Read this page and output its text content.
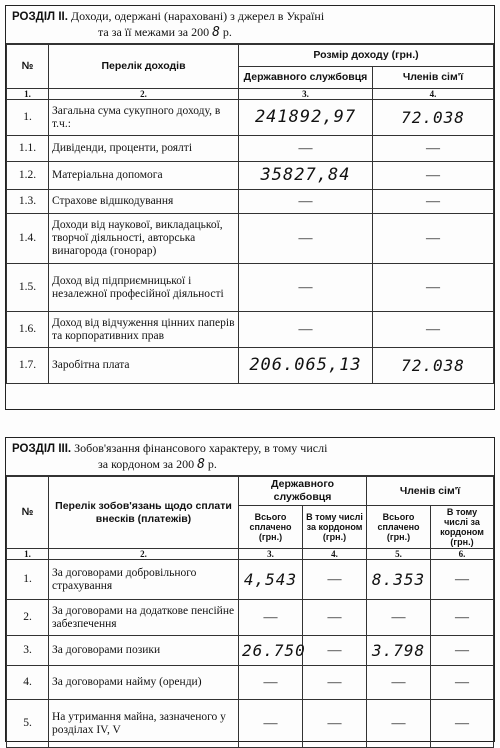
РОЗДІЛ ІІ. Доходи, одержані (нараховані) з джерел в Україні
та за її межами за 200 8 р.
№	Перелік доходів	Розмір доходу (грн.)	
		Державного службовця	Членів сім'ї
1.	2.	3.	4.
1.	Загальна сума сукупного доходу, в т.ч.:	241892,97	72.038
1.1.	Дивіденди, проценти, роялті	—	—
1.2.	Матеріальна допомога	35827,84	—
1.3.	Страхове відшкодування	—	—
1.4.	Доходи від наукової, викладацької, творчої діяльності, авторська винагорода (гонорар)	—	—
1.5.	Доход від підприємницької і незалежної професійної діяльності	—	—
1.6.	Доход від відчуження цінних паперів та корпоративних прав	—	—
1.7.	Заробітна плата	206.065,13	72.038
РОЗДІЛ ІІІ. Зобов'язання фінансового характеру, в тому числі
за кордоном за 200 8 р.
№	Перелік зобов'язань щодо сплати внесків (платежів)	Державного службовця		Членів сім'ї	
		Всього сплачено (грн.)	В тому числі за кордоном (грн.)	Всього сплачено (грн.)	В тому числі за кордоном (грн.)
1.	2.	3.	4.	5.	6.
1.	За договорами добровільного страхування	4,543	—	8.353	—
2.	За договорами на додаткове пенсійне забезпечення	—	—	—	—
3.	За договорами позики	26.750	—	3.798	—
4.	За договорами найму (оренди)	—	—	—	—
5.	На утримання майна, зазначеного у розділах IV, V	—	—	—	—
